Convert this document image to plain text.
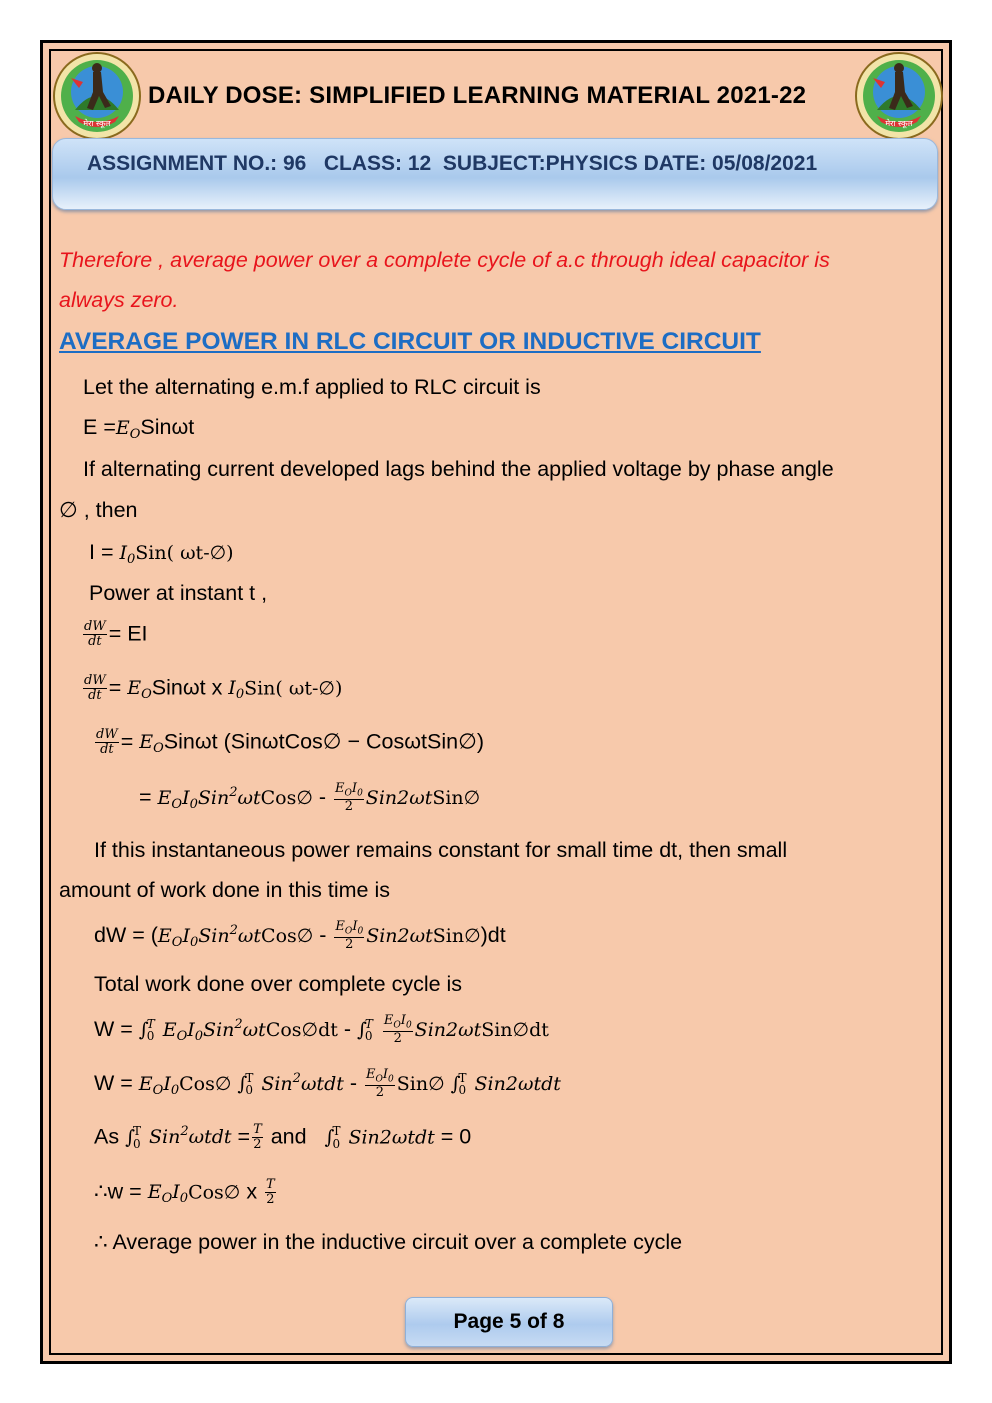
मेरा स्कूल	मेरा स्कूल
DAILY DOSE: SIMPLIFIED LEARNING MATERIAL 2021-22
ASSIGNMENT NO.: 96   CLASS: 12  SUBJECT:PHYSICS DATE: 05/08/2021
Therefore , average power over a complete cycle of a.c through ideal capacitor is
always zero.
AVERAGE POWER IN RLC CIRCUIT OR INDUCTIVE CIRCUIT
Let the alternating e.m.f applied to RLC circuit is
$E =E_OSin\omega t$
If alternating current developed lags behind the applied voltage by phase angle
∅ , then
$I = I_0Sin$( ωt-∅)
Power at instant t ,
$\frac{dW}{dt}$ = EI
$\frac{dW}{dt} = E_OSin\omega t$ x $I_0Sin$( ωt-∅)
$\frac{dW}{dt} = E_OSin\omega t$ (SinωtCos∅ − CosωtSin∅)
= $E_OI_0Sin^2\omega tCos\emptyset - \frac{E_OI_0}{2}$ Sin2ωtSin∅
If this instantaneous power remains constant for small time dt, then small
amount of work done in this time is
dW = ($E_OI_0Sin^2\omega tCos\emptyset - \frac{E_OI_0}{2}$ Sin2ωtSin∅)dt
Total work done over complete cycle is
W = ∫
T
0 $E_OI_0Sin^2\omega tCos\emptyset dt$ - ∫
T
0
$\frac{E_OI_0}{2}$ Sin2ωtSin∅dt
$W = E_OI_0Cos\emptyset$ ∫
T
0 $Sin^2\omega tdt - \frac{E_OI_0}{2}$ Sin∅ ∫
T
0 Sin2ωtdt
As ∫
T
0 $Sin^2\omega tdt = \frac{T}{2}$ and   ∫
T
0 Sin2ωtdt = 0
∴w = $E_OI_0Cos\emptyset$ x $\frac{T}{2}$
∴ Average power in the inductive circuit over a complete cycle
Page 5 of 8
